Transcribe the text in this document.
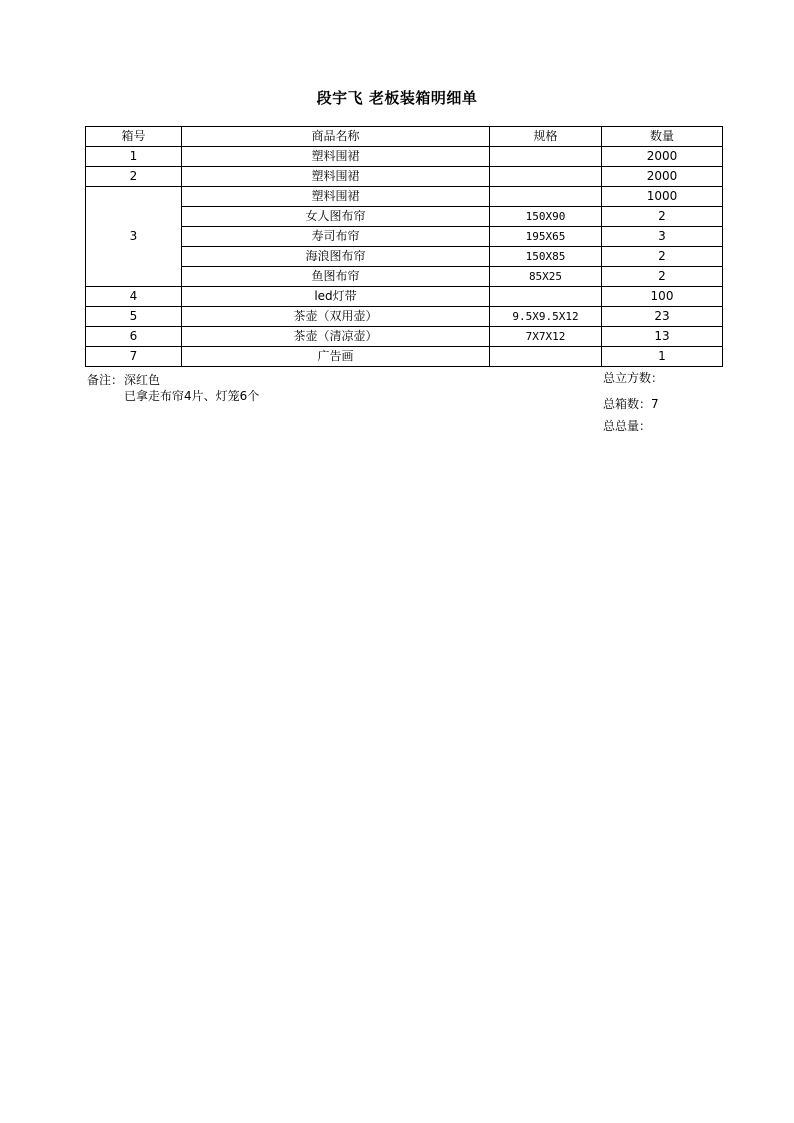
段宇飞 老板装箱明细单
箱号	商品名称	规格	数量
1	塑料围裙		2000
2	塑料围裙		2000
3	塑料围裙		1000
	女人图布帘	150X90	2
	寿司布帘	195X65	3
	海浪图布帘	150X85	2
	鱼图布帘	85X25	2
4	led灯带		100
5	茶壶（双用壶）	9.5X9.5X12	23
6	茶壶（清凉壶）	7X7X12	13
7	广告画		1
备注： 深红色
已拿走布帘4片、灯笼6个
总立方数：
总箱数：7
总总量：
